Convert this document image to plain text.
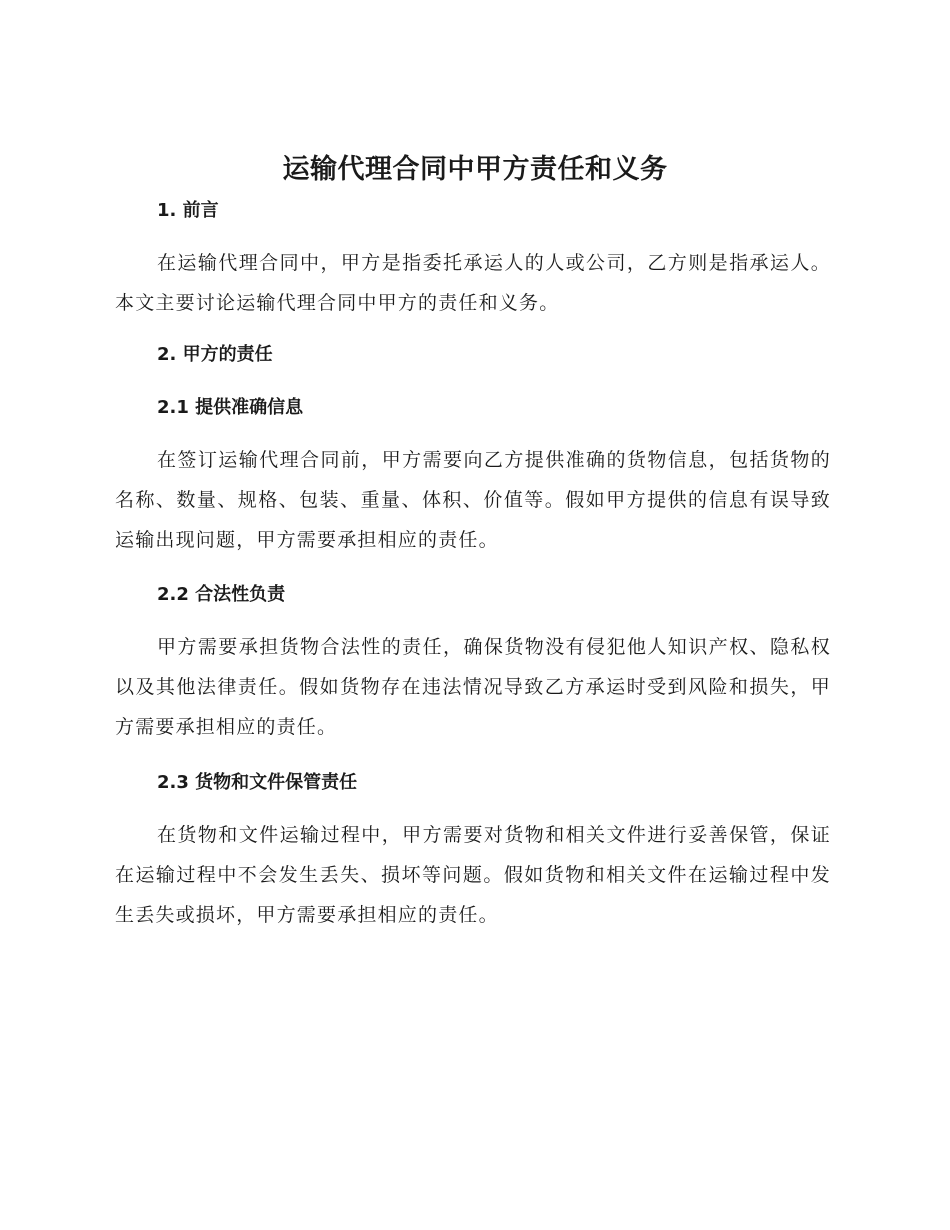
运输代理合同中甲方责任和义务
1. 前言

在运输代理合同中，甲方是指委托承运人的人或公司，乙方则是指承运人。本文主要讨论运输代理合同中甲方的责任和义务。

2. 甲方的责任
2.1 提供准确信息

在签订运输代理合同前，甲方需要向乙方提供准确的货物信息，包括货物的名称、数量、规格、包装、重量、体积、价值等。假如甲方提供的信息有误导致运输出现问题，甲方需要承担相应的责任。

2.2 合法性负责

甲方需要承担货物合法性的责任，确保货物没有侵犯他人知识产权、隐私权以及其他法律责任。假如货物存在违法情况导致乙方承运时受到风险和损失，甲方需要承担相应的责任。

2.3 货物和文件保管责任

在货物和文件运输过程中，甲方需要对货物和相关文件进行妥善保管，保证在运输过程中不会发生丢失、损坏等问题。假如货物和相关文件在运输过程中发生丢失或损坏，甲方需要承担相应的责任。
